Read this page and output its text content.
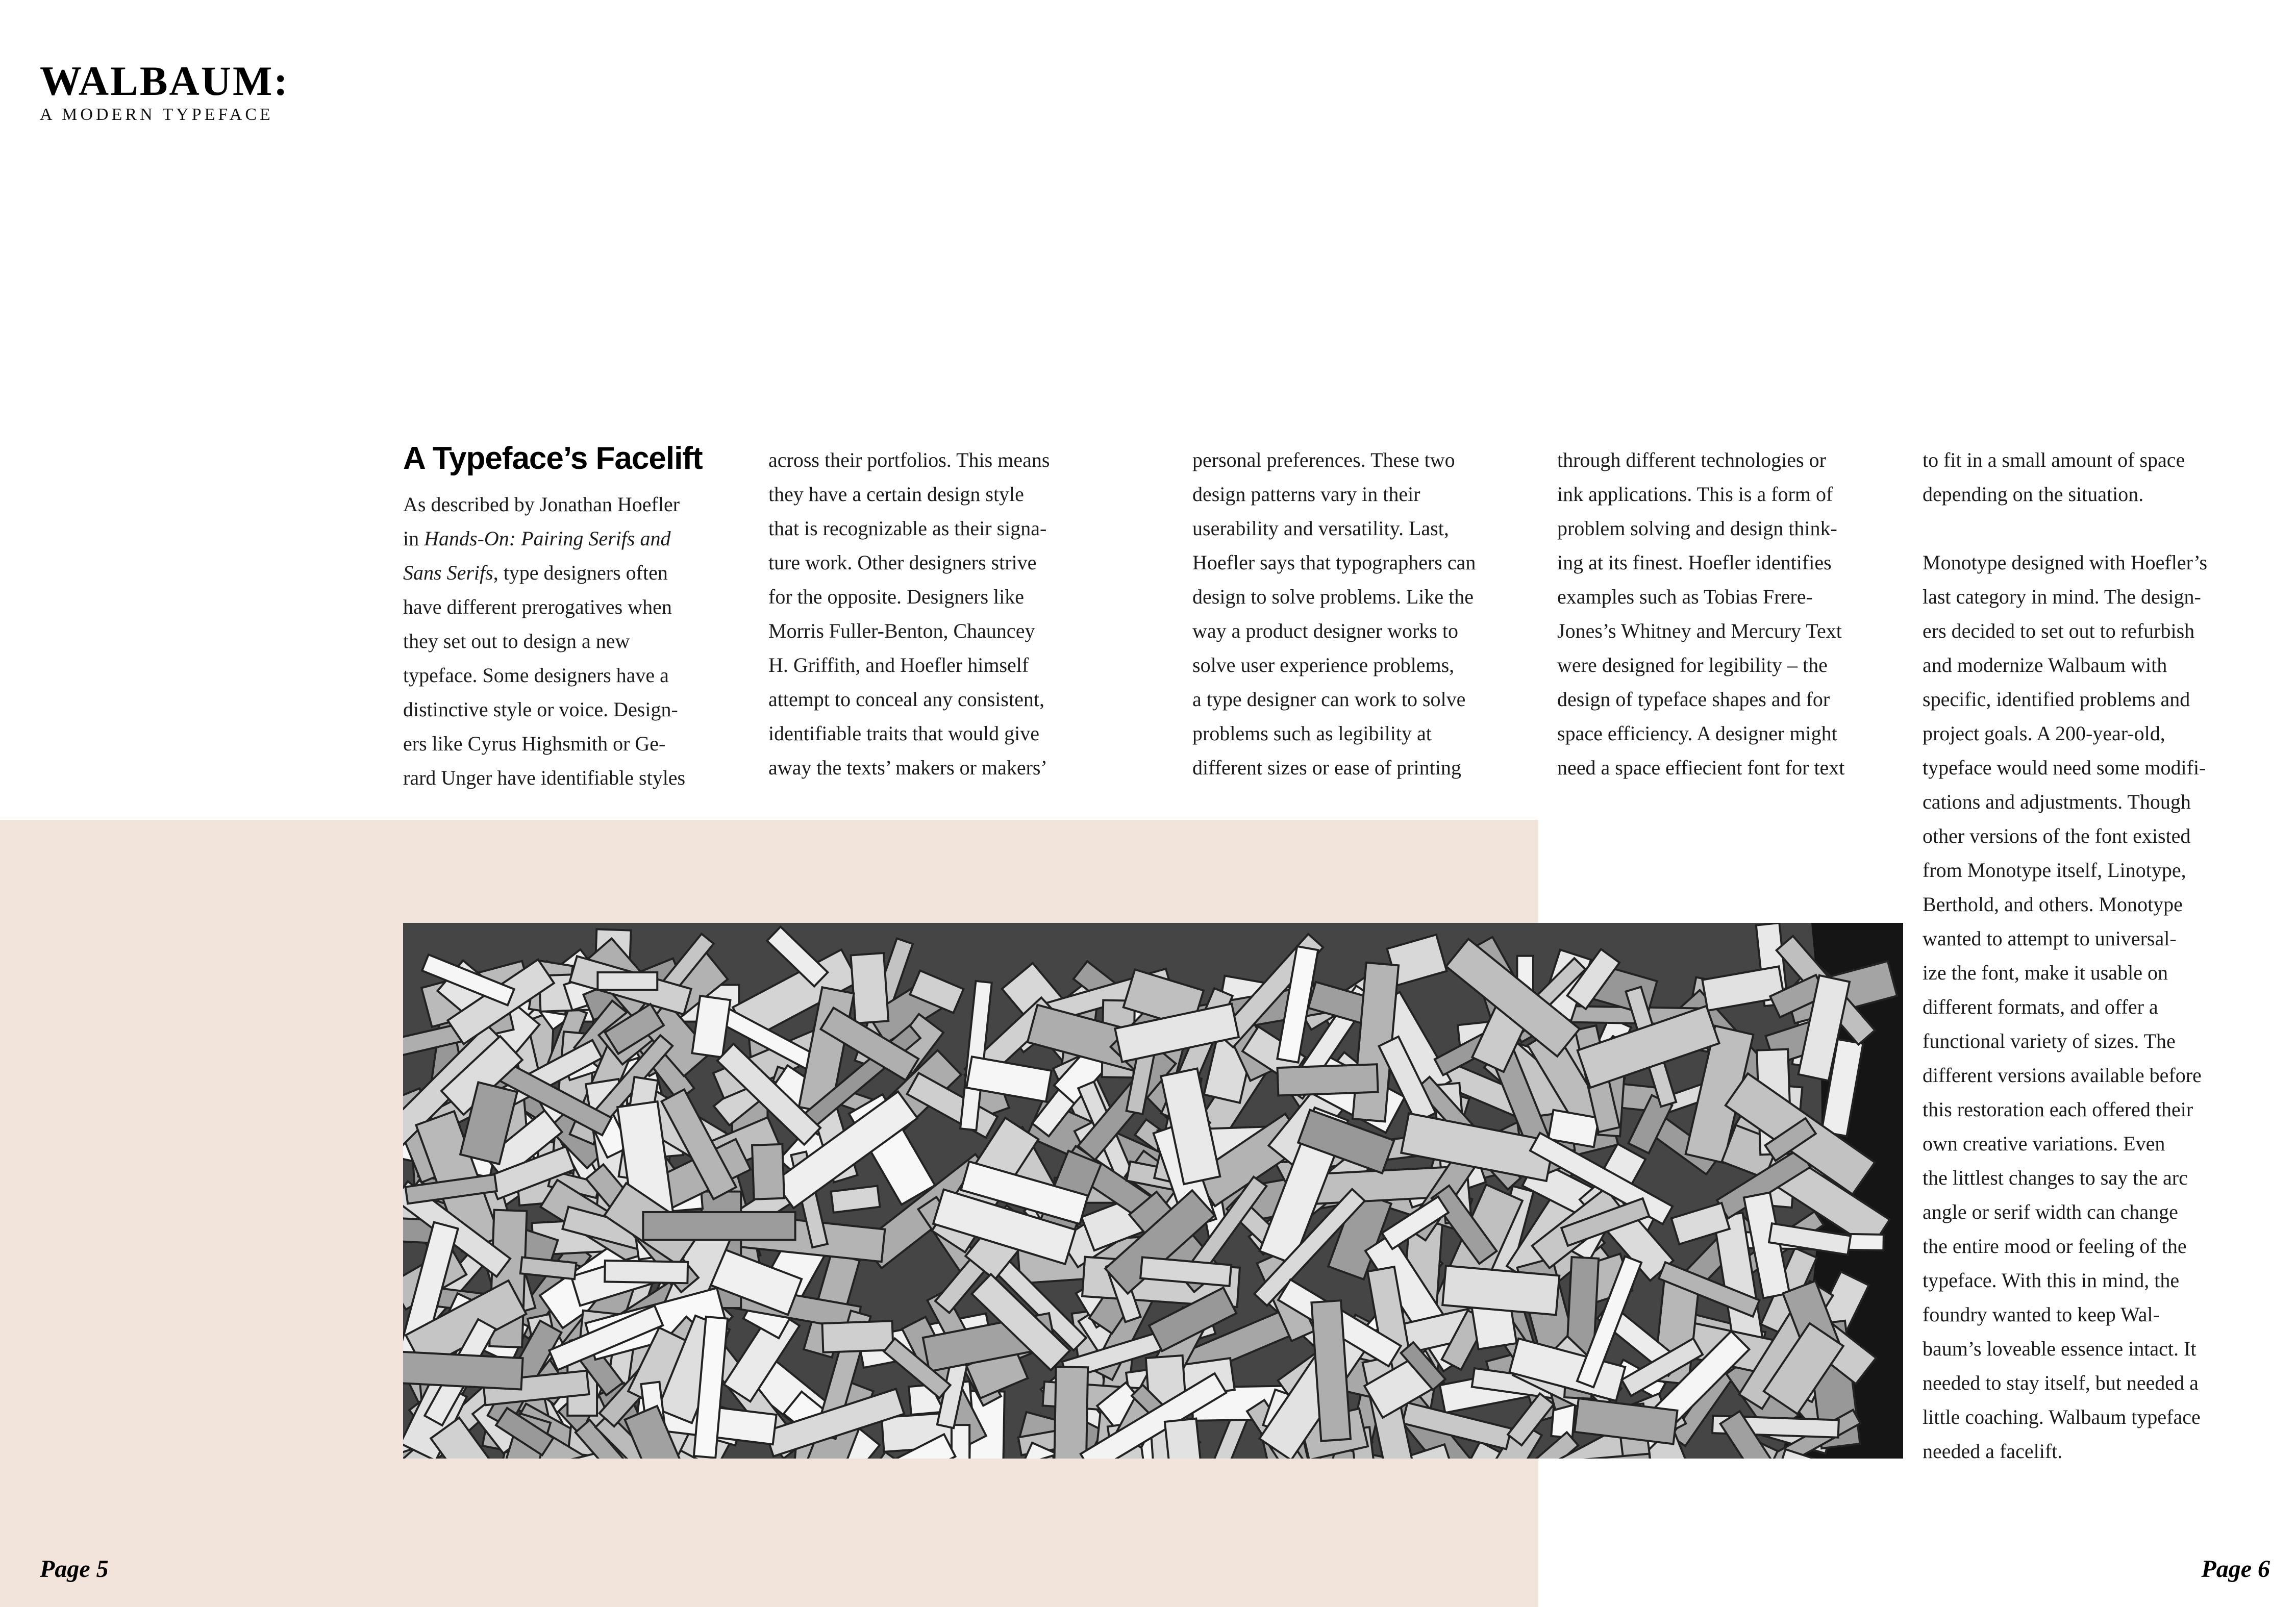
WALBAUM:
A MODERN TYPEFACE
A Typeface’s Facelift
As described by Jonathan Hoefler
in Hands-On: Pairing Serifs and
Sans Serifs, type designers often
have different prerogatives when
they set out to design a new
typeface. Some designers have a
distinctive style or voice. Design-
ers like Cyrus Highsmith or Ge-
rard Unger have identifiable styles
across their portfolios. This means
they have a certain design style
that is recognizable as their signa-
ture work. Other designers strive
for the opposite. Designers like
Morris Fuller-Benton, Chauncey
H. Griffith, and Hoefler himself
attempt to conceal any consistent,
identifiable traits that would give
away the texts’ makers or makers’
personal preferences. These two
design patterns vary in their
userability and versatility. Last,
Hoefler says that typographers can
design to solve problems. Like the
way a product designer works to
solve user experience problems,
a type designer can work to solve
problems such as legibility at
different sizes or ease of printing
through different technologies or
ink applications. This is a form of
problem solving and design think-
ing at its finest. Hoefler identifies
examples such as Tobias Frere-
Jones’s Whitney and Mercury Text
were designed for legibility – the
design of typeface shapes and for
space efficiency. A designer might
need a space effiecient font for text
to fit in a small amount of space
depending on the situation.
Monotype designed with Hoefler’s
last category in mind. The design-
ers decided to set out to refurbish
and modernize Walbaum with
specific, identified problems and
project goals. A 200-year-old,
typeface would need some modifi-
cations and adjustments. Though
other versions of the font existed
from Monotype itself, Linotype,
Berthold, and others. Monotype
wanted to attempt to universal-
ize the font, make it usable on
different formats, and offer a
functional variety of sizes. The
different versions available before
this restoration each offered their
own creative variations. Even
the littlest changes to say the arc
angle or serif width can change
the entire mood or feeling of the
typeface. With this in mind, the
foundry wanted to keep Wal-
baum’s loveable essence intact. It
needed to stay itself, but needed a
little coaching. Walbaum typeface
needed a facelift.
Page 5	Page 6
